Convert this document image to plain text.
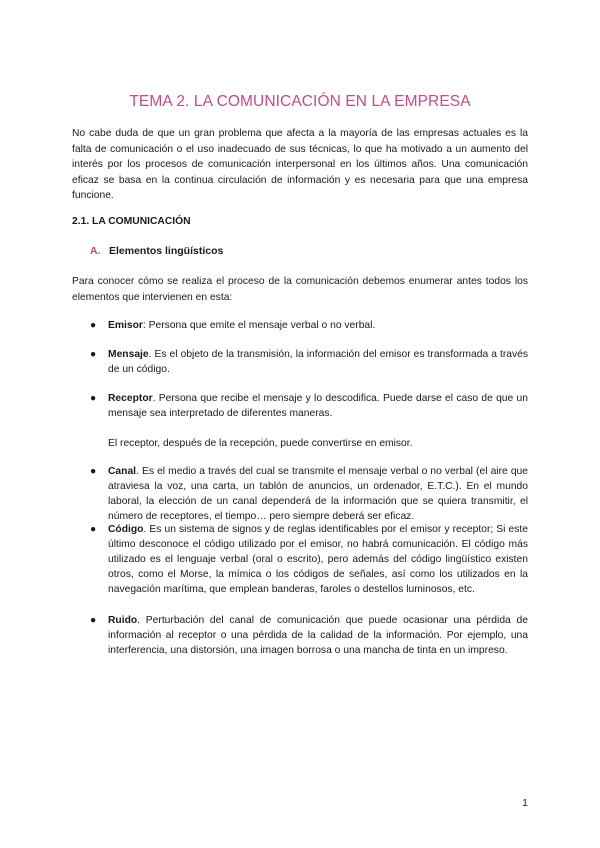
TEMA 2. LA COMUNICACIÓN EN LA EMPRESA
No cabe duda de que un gran problema que afecta a la mayoría de las empresas actuales es la falta de comunicación o el uso inadecuado de sus técnicas, lo que ha motivado a un aumento del interés por los procesos de comunicación interpersonal en los últimos años. Una comunicación eficaz se basa en la continua circulación de información y es necesaria para que una empresa funcione.
2.1. LA COMUNICACIÓN
A. Elementos lingüísticos
Para conocer cómo se realiza el proceso de la comunicación debemos enumerar antes todos los elementos que intervienen en esta:
●	Emisor: Persona que emite el mensaje verbal o no verbal.
●	Mensaje. Es el objeto de la transmisión, la información del emisor es transformada a través de un código.
●	Receptor. Persona que recibe el mensaje y lo descodifica. Puede darse el caso de que un mensaje sea interpretado de diferentes maneras.
El receptor, después de la recepción, puede convertirse en emisor.
●	Canal. Es el medio a través del cual se transmite el mensaje verbal o no verbal (el aire que atraviesa la voz, una carta, un tablón de anuncios, un ordenador, E.T.C.). En el mundo laboral, la elección de un canal dependerá de la información que se quiera transmitir, el número de receptores, el tiempo… pero siempre deberá ser eficaz.
●	Código. Es un sistema de signos y de reglas identificables por el emisor y receptor; Si este último desconoce el código utilizado por el emisor, no habrá comunicación. El código más utilizado es el lenguaje verbal (oral o escrito), pero además del código lingüístico existen otros, como el Morse, la mímica o los códigos de señales, así como los utilizados en la navegación marítima, que emplean banderas, faroles o destellos luminosos, etc.
●	Ruido. Perturbación del canal de comunicación que puede ocasionar una pérdida de información al receptor o una pérdida de la calidad de la información. Por ejemplo, una interferencia, una distorsión, una imagen borrosa o una mancha de tinta en un impreso.
1
